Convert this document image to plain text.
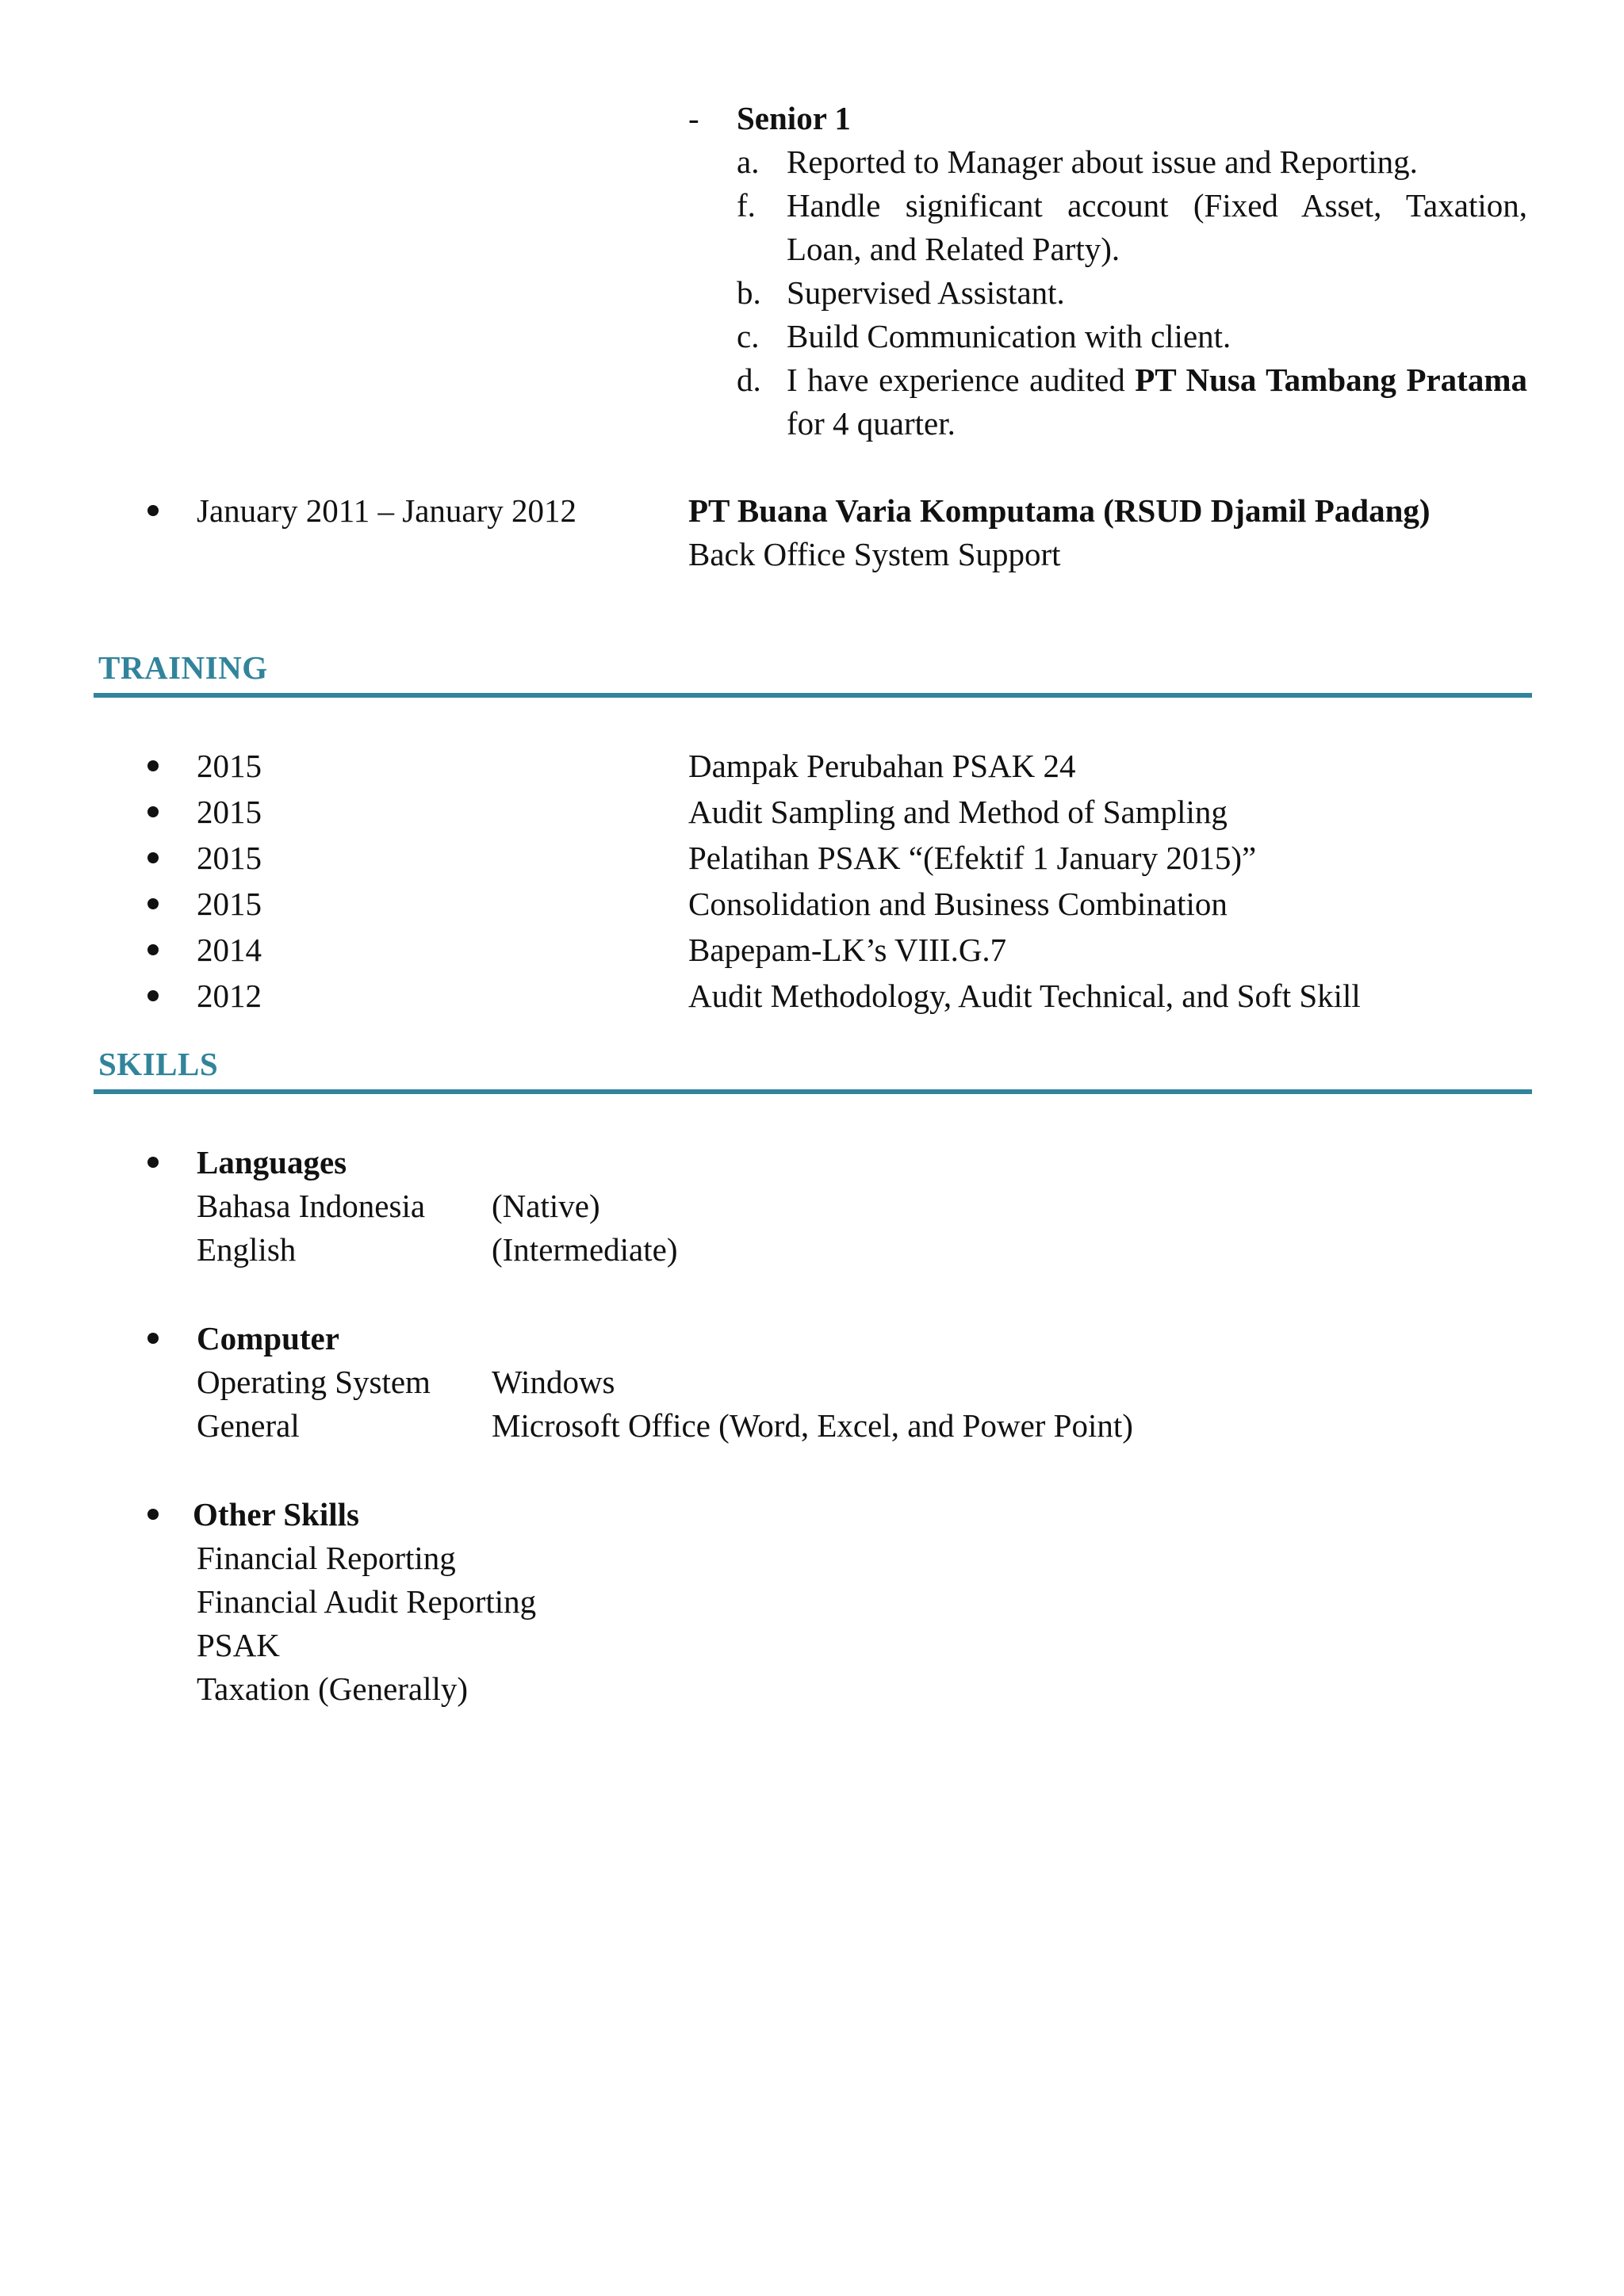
- Senior 1
a. Reported to Manager about issue and Reporting.
f. Handle significant account (Fixed Asset, Taxation,
Loan, and Related Party).
b. Supervised Assistant.
c. Build Communication with client.
d. I have experience audited PT Nusa Tambang Pratama
for 4 quarter.
January 2011 – January 2012	PT Buana Varia Komputama (RSUD Djamil Padang)
Back Office System Support
TRAINING
2015	Dampak Perubahan PSAK 24
2015	Audit Sampling and Method of Sampling
2015	Pelatihan PSAK “(Efektif 1 January 2015)”
2015	Consolidation and Business Combination
2014	Bapepam-LK’s VIII.G.7
2012	Audit Methodology, Audit Technical, and Soft Skill
SKILLS
Languages
Bahasa Indonesia (Native)
English	(Intermediate)
Computer
Operating System Windows
General	Microsoft Office (Word, Excel, and Power Point)
Other Skills
Financial Reporting
Financial Audit Reporting
PSAK
Taxation (Generally)
